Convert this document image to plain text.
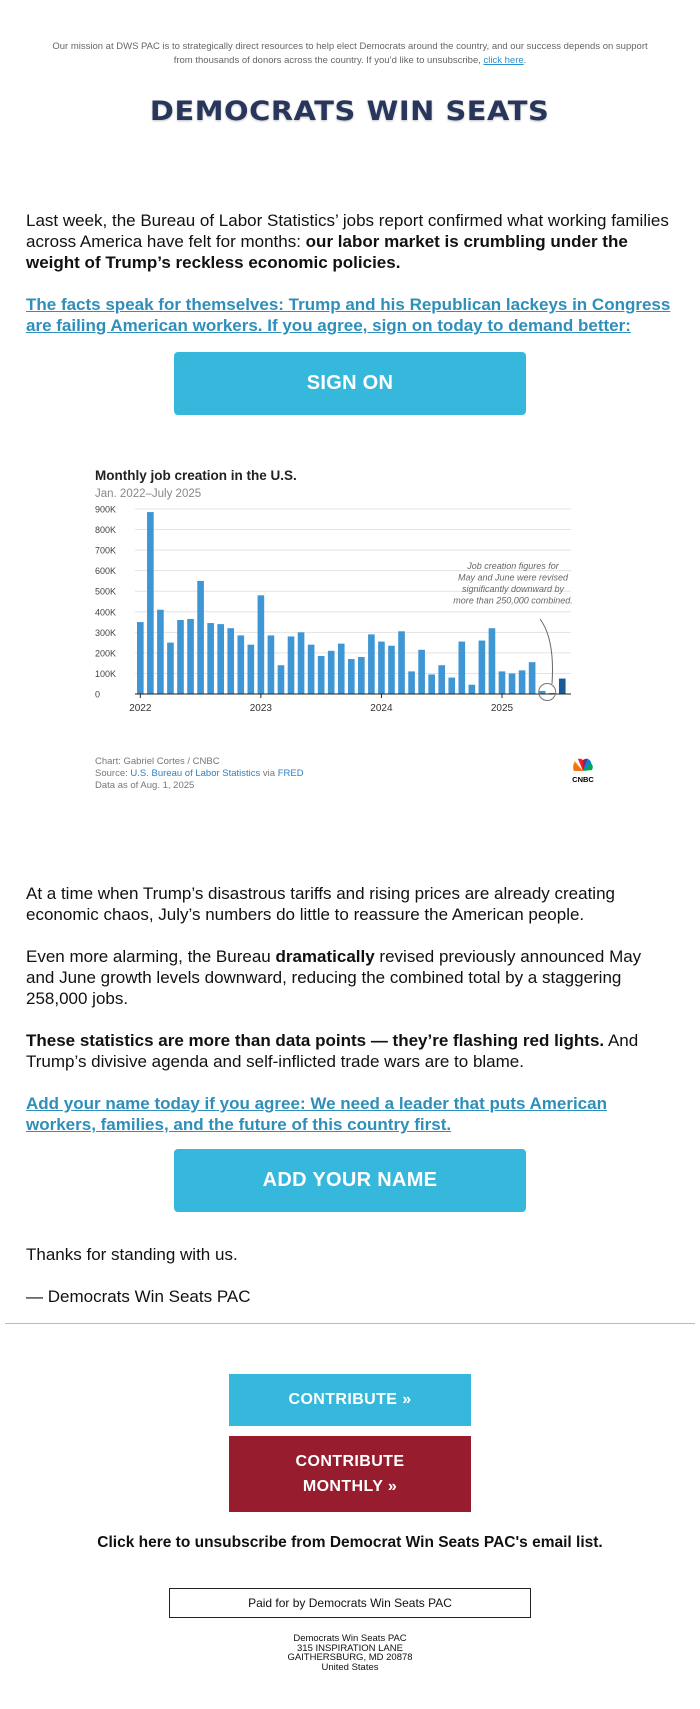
Our mission at DWS PAC is to strategically direct resources to help elect Democrats around the country, and our success depends on support from thousands of donors across the country. If you’d like to unsubscribe, click here.
DEMOCRATS WIN SEATS

Last week, the Bureau of Labor Statistics’ jobs report confirmed what working families across America have felt for months: our labor market is crumbling under the weight of Trump’s reckless economic policies.

The facts speak for themselves: Trump and his Republican lackeys in Congress are failing American workers. If you agree, sign on today to demand better:

SIGN ON
900K
800K
700K
600K
500K
400K
300K
200K
100K
0
2022	2023	2024	2025
Job creation figures for May and June were revised significantly downward by more than 250,000 combined.
Monthly job creation in the U.S.
Jan. 2022–July 2025
Chart: Gabriel Cortes / CNBC
Source: U.S. Bureau of Labor Statistics via FRED
Data as of Aug. 1, 2025
CNBC

At a time when Trump’s disastrous tariffs and rising prices are already creating economic chaos, July’s numbers do little to reassure the American people.

Even more alarming, the Bureau dramatically revised previously announced May and June growth levels downward, reducing the combined total by a staggering 258,000 jobs.

These statistics are more than data points — they’re flashing red lights. And Trump’s divisive agenda and self-inflicted trade wars are to blame.

Add your name today if you agree: We need a leader that puts American workers, families, and the future of this country first.

ADD YOUR NAME

Thanks for standing with us.

— Democrats Win Seats PAC

CONTRIBUTE »
CONTRIBUTE
MONTHLY »
Click here to unsubscribe from Democrat Win Seats PAC's email list.
Paid for by Democrats Win Seats PAC
Democrats Win Seats PAC
315 INSPIRATION LANE
GAITHERSBURG, MD 20878
United States
